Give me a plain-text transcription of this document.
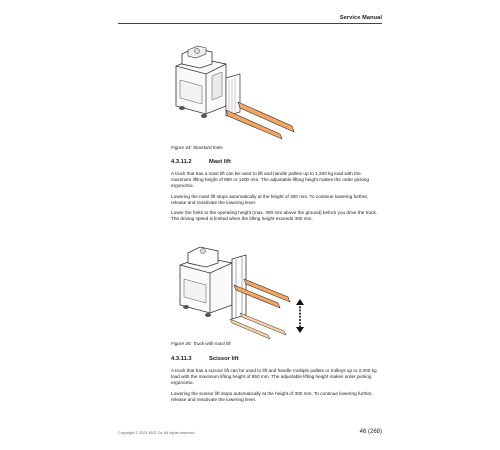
Service Manual
Figure 44: Standard forks
4.3.11.2	Mast lift
A truck that has a mast lift can be used to lift and handle pallets up to 1,200 kg load with the maximum lifting height of 850 or 1200 mm. The adjustable lifting height makes the order picking ergonomic.
Lowering the mast lift stops automatically at the height of 300 mm. To continue lowering further, release and reactivate the lowering lever.
Lower the forks to the operating height (max. 300 mm above the ground) before you drive the truck. The driving speed is limited when the lifting height exceeds 300 mm.
Figure 45: Truck with mast lift
4.3.11.3	Scissor lift
A truck that has a scissor lift can be used to lift and handle multiple pallets or trolleys up to 2,000 kg load with the maximum lifting height of 850 mm. The adjustable lifting height makes order picking ergonomic.
Lowering the scissor lift stops automatically at the height of 300 mm. To continue lowering further, release and reactivate the lowering lever.
Copyright © 2021 MLE Oy. All rights reserved.	46 (268)
